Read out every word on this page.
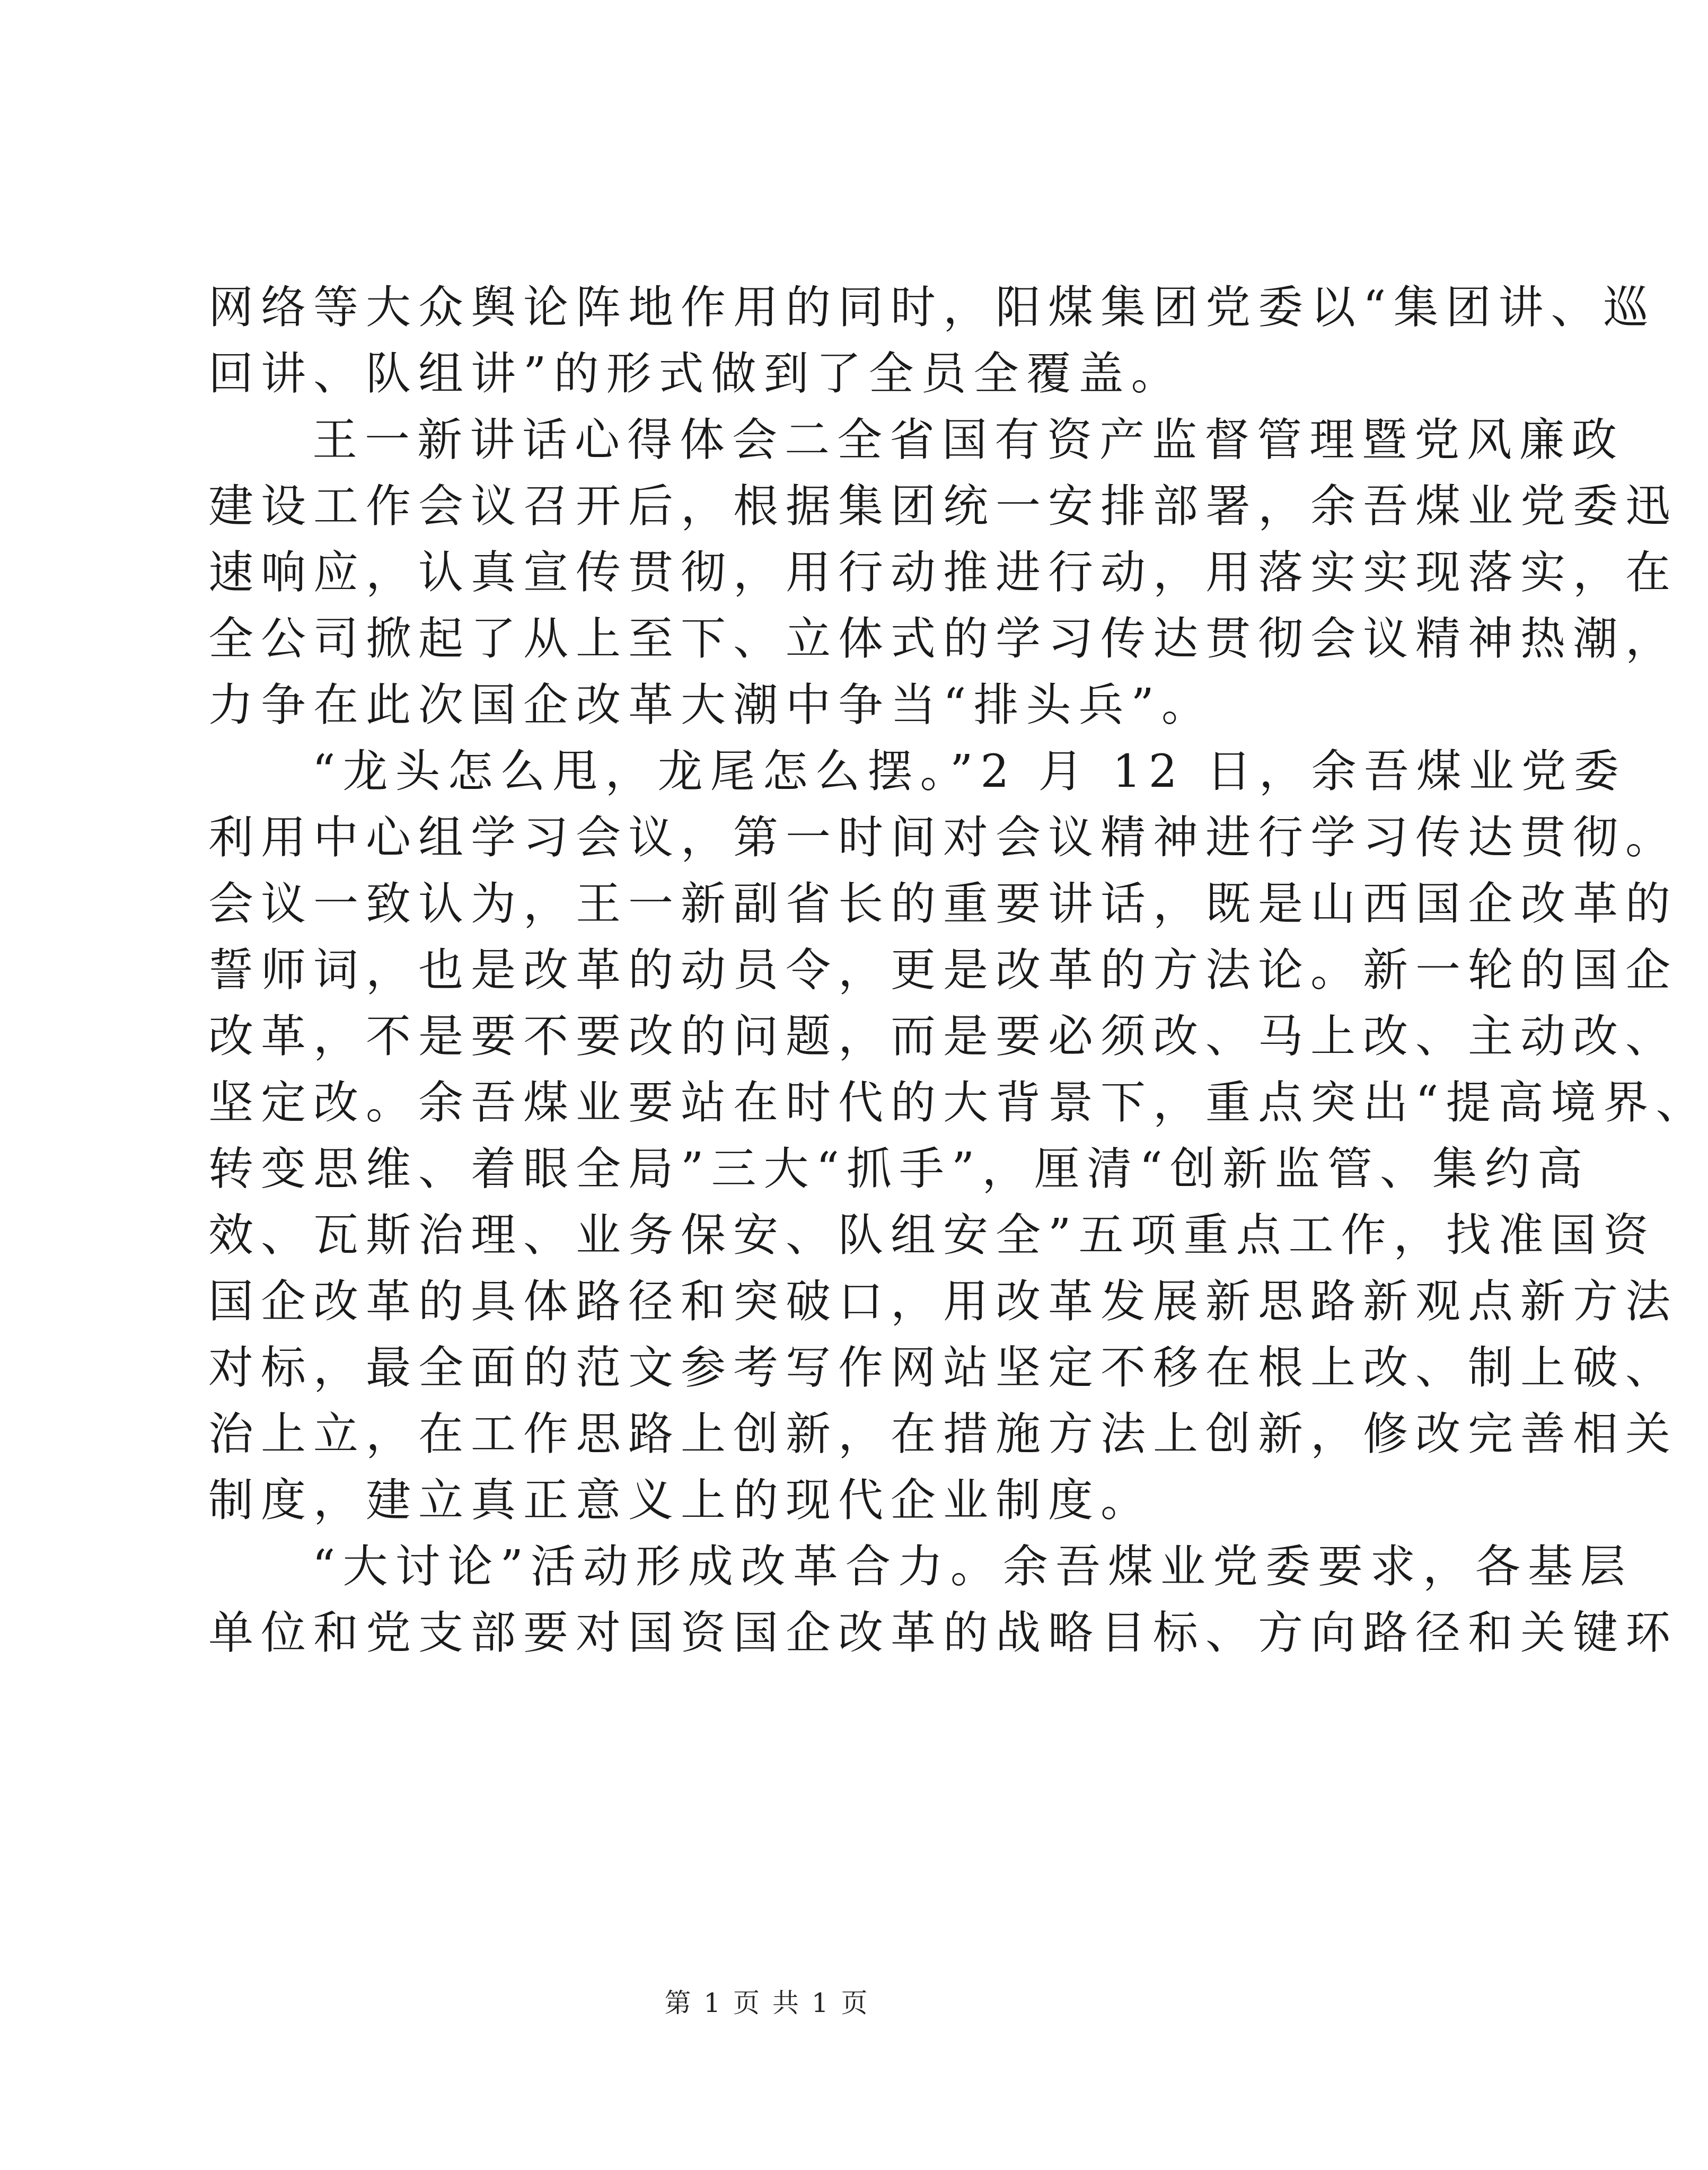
网络等大众舆论阵地作用的同时，阳煤集团党委以“集团讲、巡
回讲、队组讲”的形式做到了全员全覆盖。
王一新讲话心得体会二全省国有资产监督管理暨党风廉政
建设工作会议召开后，根据集团统一安排部署，余吾煤业党委迅
速响应，认真宣传贯彻，用行动推进行动，用落实实现落实，在
全公司掀起了从上至下、立体式的学习传达贯彻会议精神热潮，
力争在此次国企改革大潮中争当“排头兵”。
“龙头怎么甩，龙尾怎么摆。”2 月 12 日，余吾煤业党委
利用中心组学习会议，第一时间对会议精神进行学习传达贯彻。
会议一致认为，王一新副省长的重要讲话，既是山西国企改革的
誓师词，也是改革的动员令，更是改革的方法论。新一轮的国企
改革，不是要不要改的问题，而是要必须改、马上改、主动改、
坚定改。余吾煤业要站在时代的大背景下，重点突出“提高境界、
转变思维、着眼全局”三大“抓手”，厘清“创新监管、集约高
效、瓦斯治理、业务保安、队组安全”五项重点工作，找准国资
国企改革的具体路径和突破口，用改革发展新思路新观点新方法
对标，最全面的范文参考写作网站坚定不移在根上改、制上破、
治上立，在工作思路上创新，在措施方法上创新，修改完善相关
制度，建立真正意义上的现代企业制度。
“大讨论”活动形成改革合力。余吾煤业党委要求，各基层
单位和党支部要对国资国企改革的战略目标、方向路径和关键环
第 1 页 共 1 页
